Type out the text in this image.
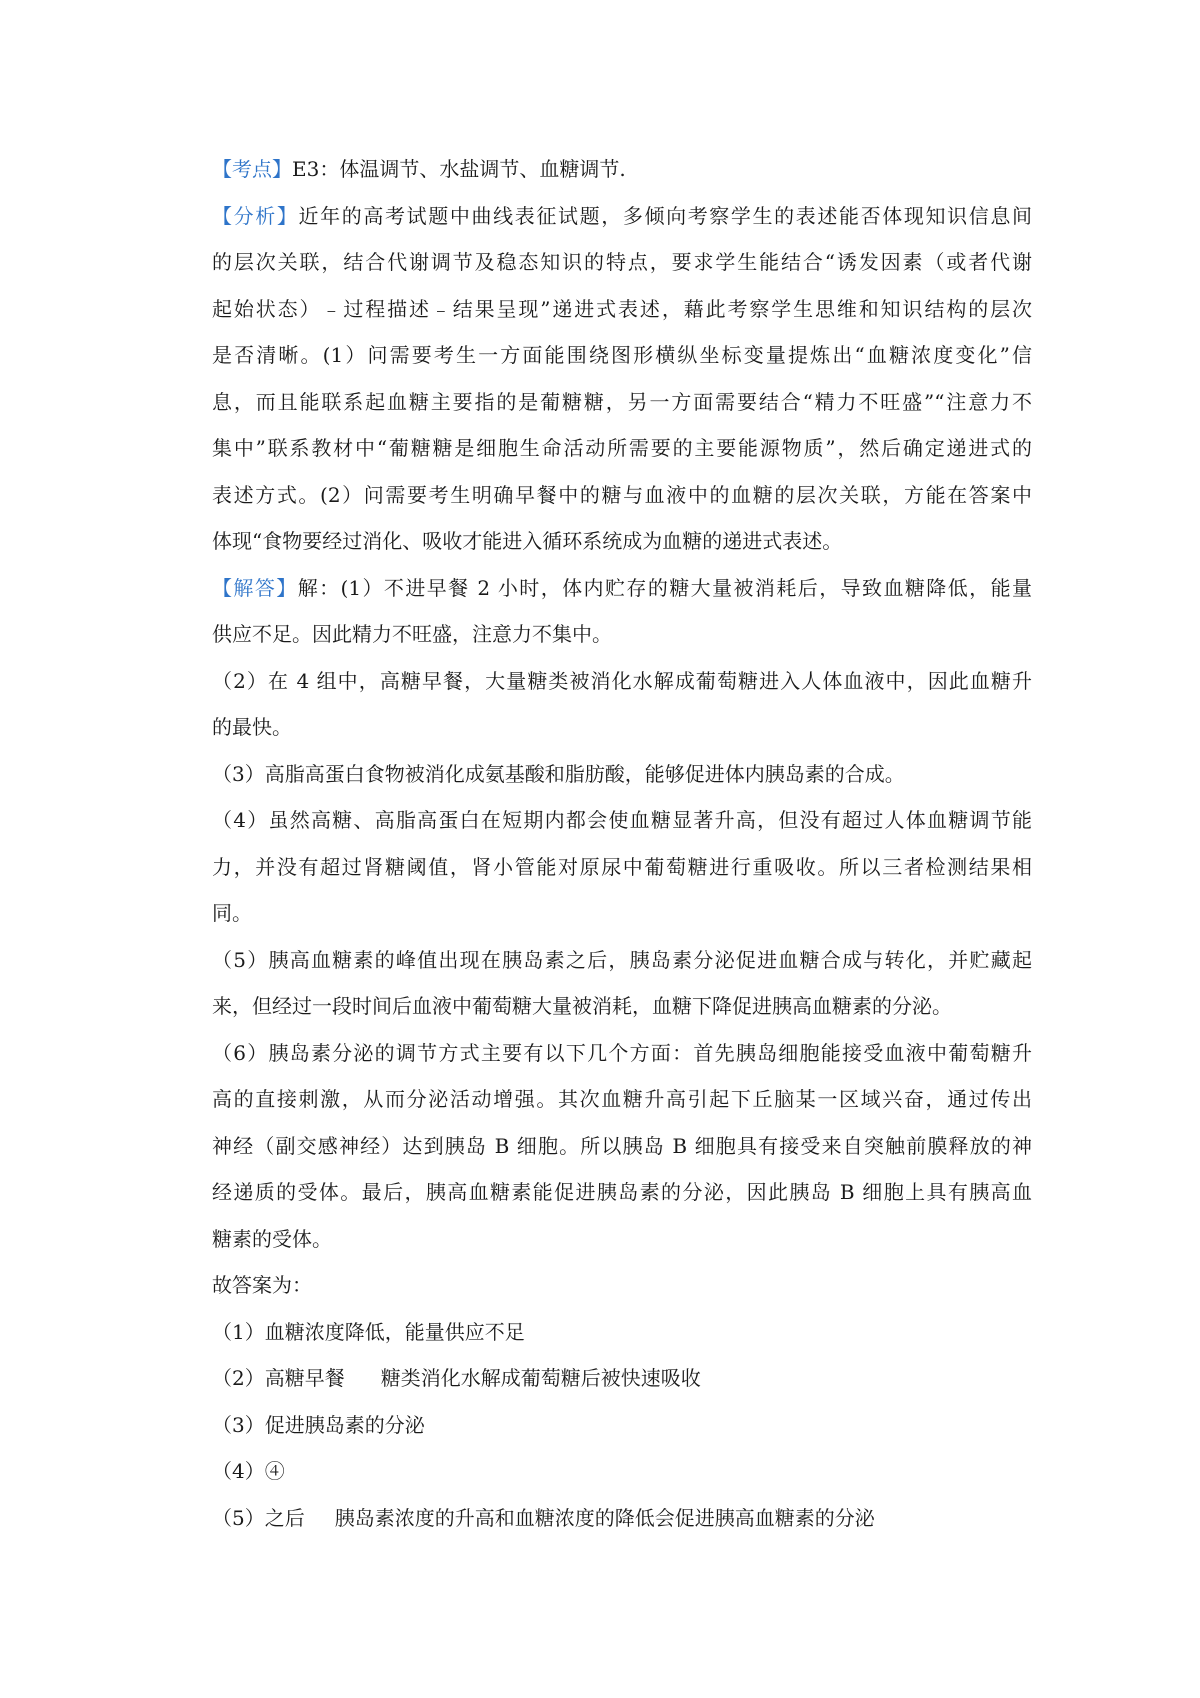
【考点】E3：体温调节、水盐调节、血糖调节.
【分析】近年的高考试题中曲线表征试题，多倾向考察学生的表述能否体现知识信息间
的层次关联，结合代谢调节及稳态知识的特点，要求学生能结合“诱发因素（或者代谢
起始状态）﹣过程描述﹣结果呈现”递进式表述，藉此考察学生思维和知识结构的层次
是否清晰。(1）问需要考生一方面能围绕图形横纵坐标变量提炼出“血糖浓度变化”信
息，而且能联系起血糖主要指的是葡糖糖，另一方面需要结合“精力不旺盛”“注意力不
集中”联系教材中“葡糖糖是细胞生命活动所需要的主要能源物质”，然后确定递进式的
表述方式。(2）问需要考生明确早餐中的糖与血液中的血糖的层次关联，方能在答案中
体现“食物要经过消化、吸收才能进入循环系统成为血糖的递进式表述。
【解答】解：(1）不进早餐 2 小时，体内贮存的糖大量被消耗后，导致血糖降低，能量
供应不足。因此精力不旺盛，注意力不集中。
（2）在 4 组中，高糖早餐，大量糖类被消化水解成葡萄糖进入人体血液中，因此血糖升
的最快。
（3）高脂高蛋白食物被消化成氨基酸和脂肪酸，能够促进体内胰岛素的合成。
（4）虽然高糖、高脂高蛋白在短期内都会使血糖显著升高，但没有超过人体血糖调节能
力，并没有超过肾糖阈值，肾小管能对原尿中葡萄糖进行重吸收。所以三者检测结果相
同。
（5）胰高血糖素的峰值出现在胰岛素之后，胰岛素分泌促进血糖合成与转化，并贮藏起
来，但经过一段时间后血液中葡萄糖大量被消耗，血糖下降促进胰高血糖素的分泌。
（6）胰岛素分泌的调节方式主要有以下几个方面：首先胰岛细胞能接受血液中葡萄糖升
高的直接刺激，从而分泌活动增强。其次血糖升高引起下丘脑某一区域兴奋，通过传出
神经（副交感神经）达到胰岛 B 细胞。所以胰岛 B 细胞具有接受来自突触前膜释放的神
经递质的受体。最后，胰高血糖素能促进胰岛素的分泌，因此胰岛 B 细胞上具有胰高血
糖素的受体。
故答案为：
（1）血糖浓度降低，能量供应不足
（2）高糖早餐 糖类消化水解成葡萄糖后被快速吸收
（3）促进胰岛素的分泌
（4）④
（5）之后 胰岛素浓度的升高和血糖浓度的降低会促进胰高血糖素的分泌
